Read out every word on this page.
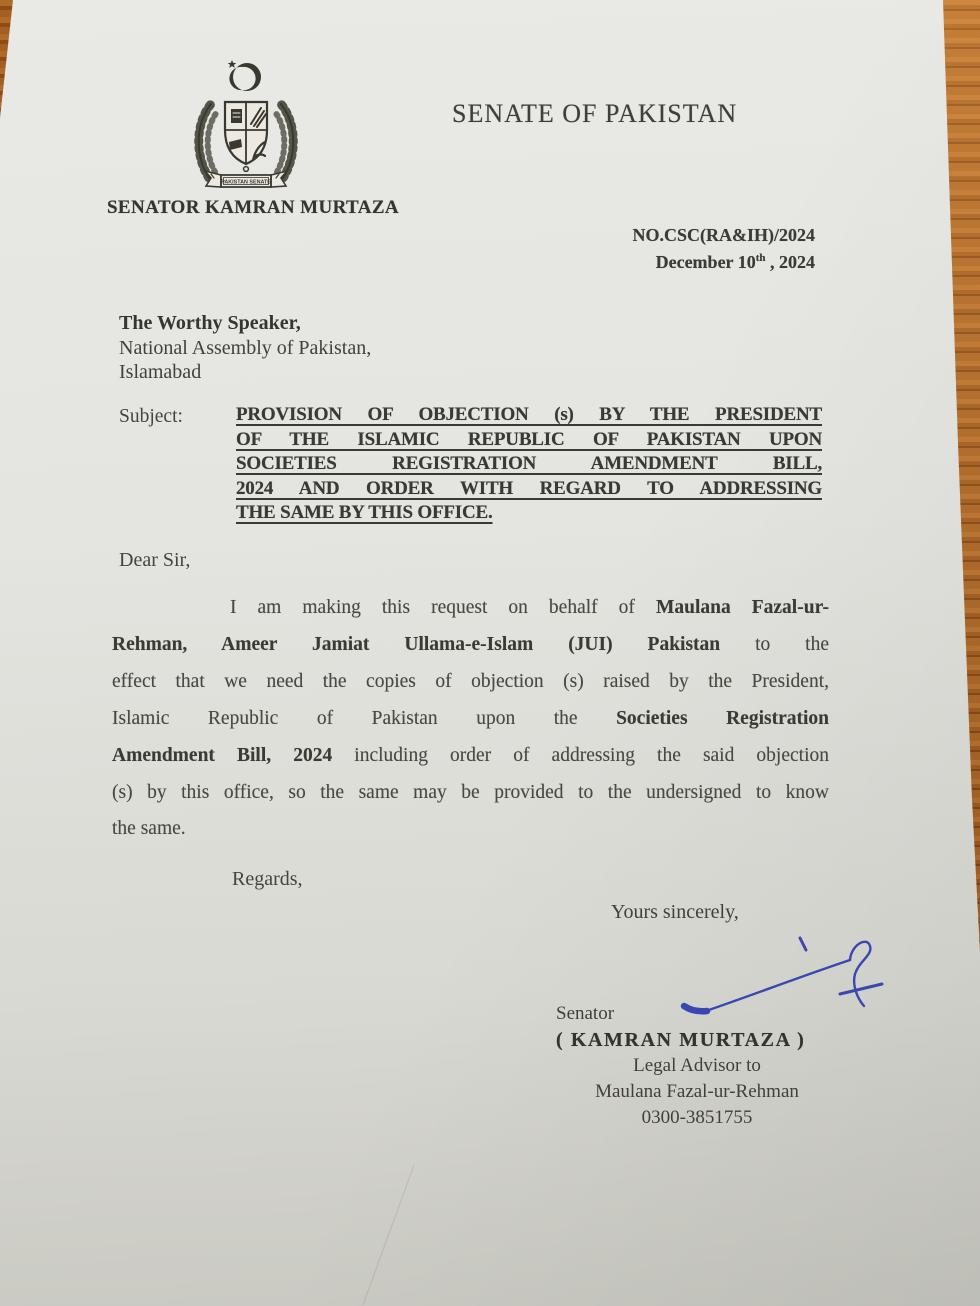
PAKISTAN SENATE
SENATOR KAMRAN MURTAZA
SENATE OF PAKISTAN
NO.CSC(RA&IH)/2024
December 10th , 2024
The Worthy Speaker,
National Assembly of Pakistan,
Islamabad
Subject:	PROVISION OF OBJECTION (s) BY THE PRESIDENT
OF THE ISLAMIC REPUBLIC OF PAKISTAN UPON
SOCIETIES REGISTRATION AMENDMENT BILL,
2024 AND ORDER WITH REGARD TO ADDRESSING
THE SAME BY THIS OFFICE.
Dear Sir,
I am making this request on behalf of Maulana Fazal-ur-
Rehman, Ameer Jamiat Ullama-e-Islam (JUI) Pakistan to the
effect that we need the copies of objection (s) raised by the President,
Islamic Republic of Pakistan upon the Societies Registration
Amendment Bill, 2024 including order of addressing the said objection
(s) by this office, so the same may be provided to the undersigned to know
the same.
Regards,
Yours sincerely,
Senator
( KAMRAN MURTAZA )
Legal Advisor to
Maulana Fazal-ur-Rehman
0300-3851755
